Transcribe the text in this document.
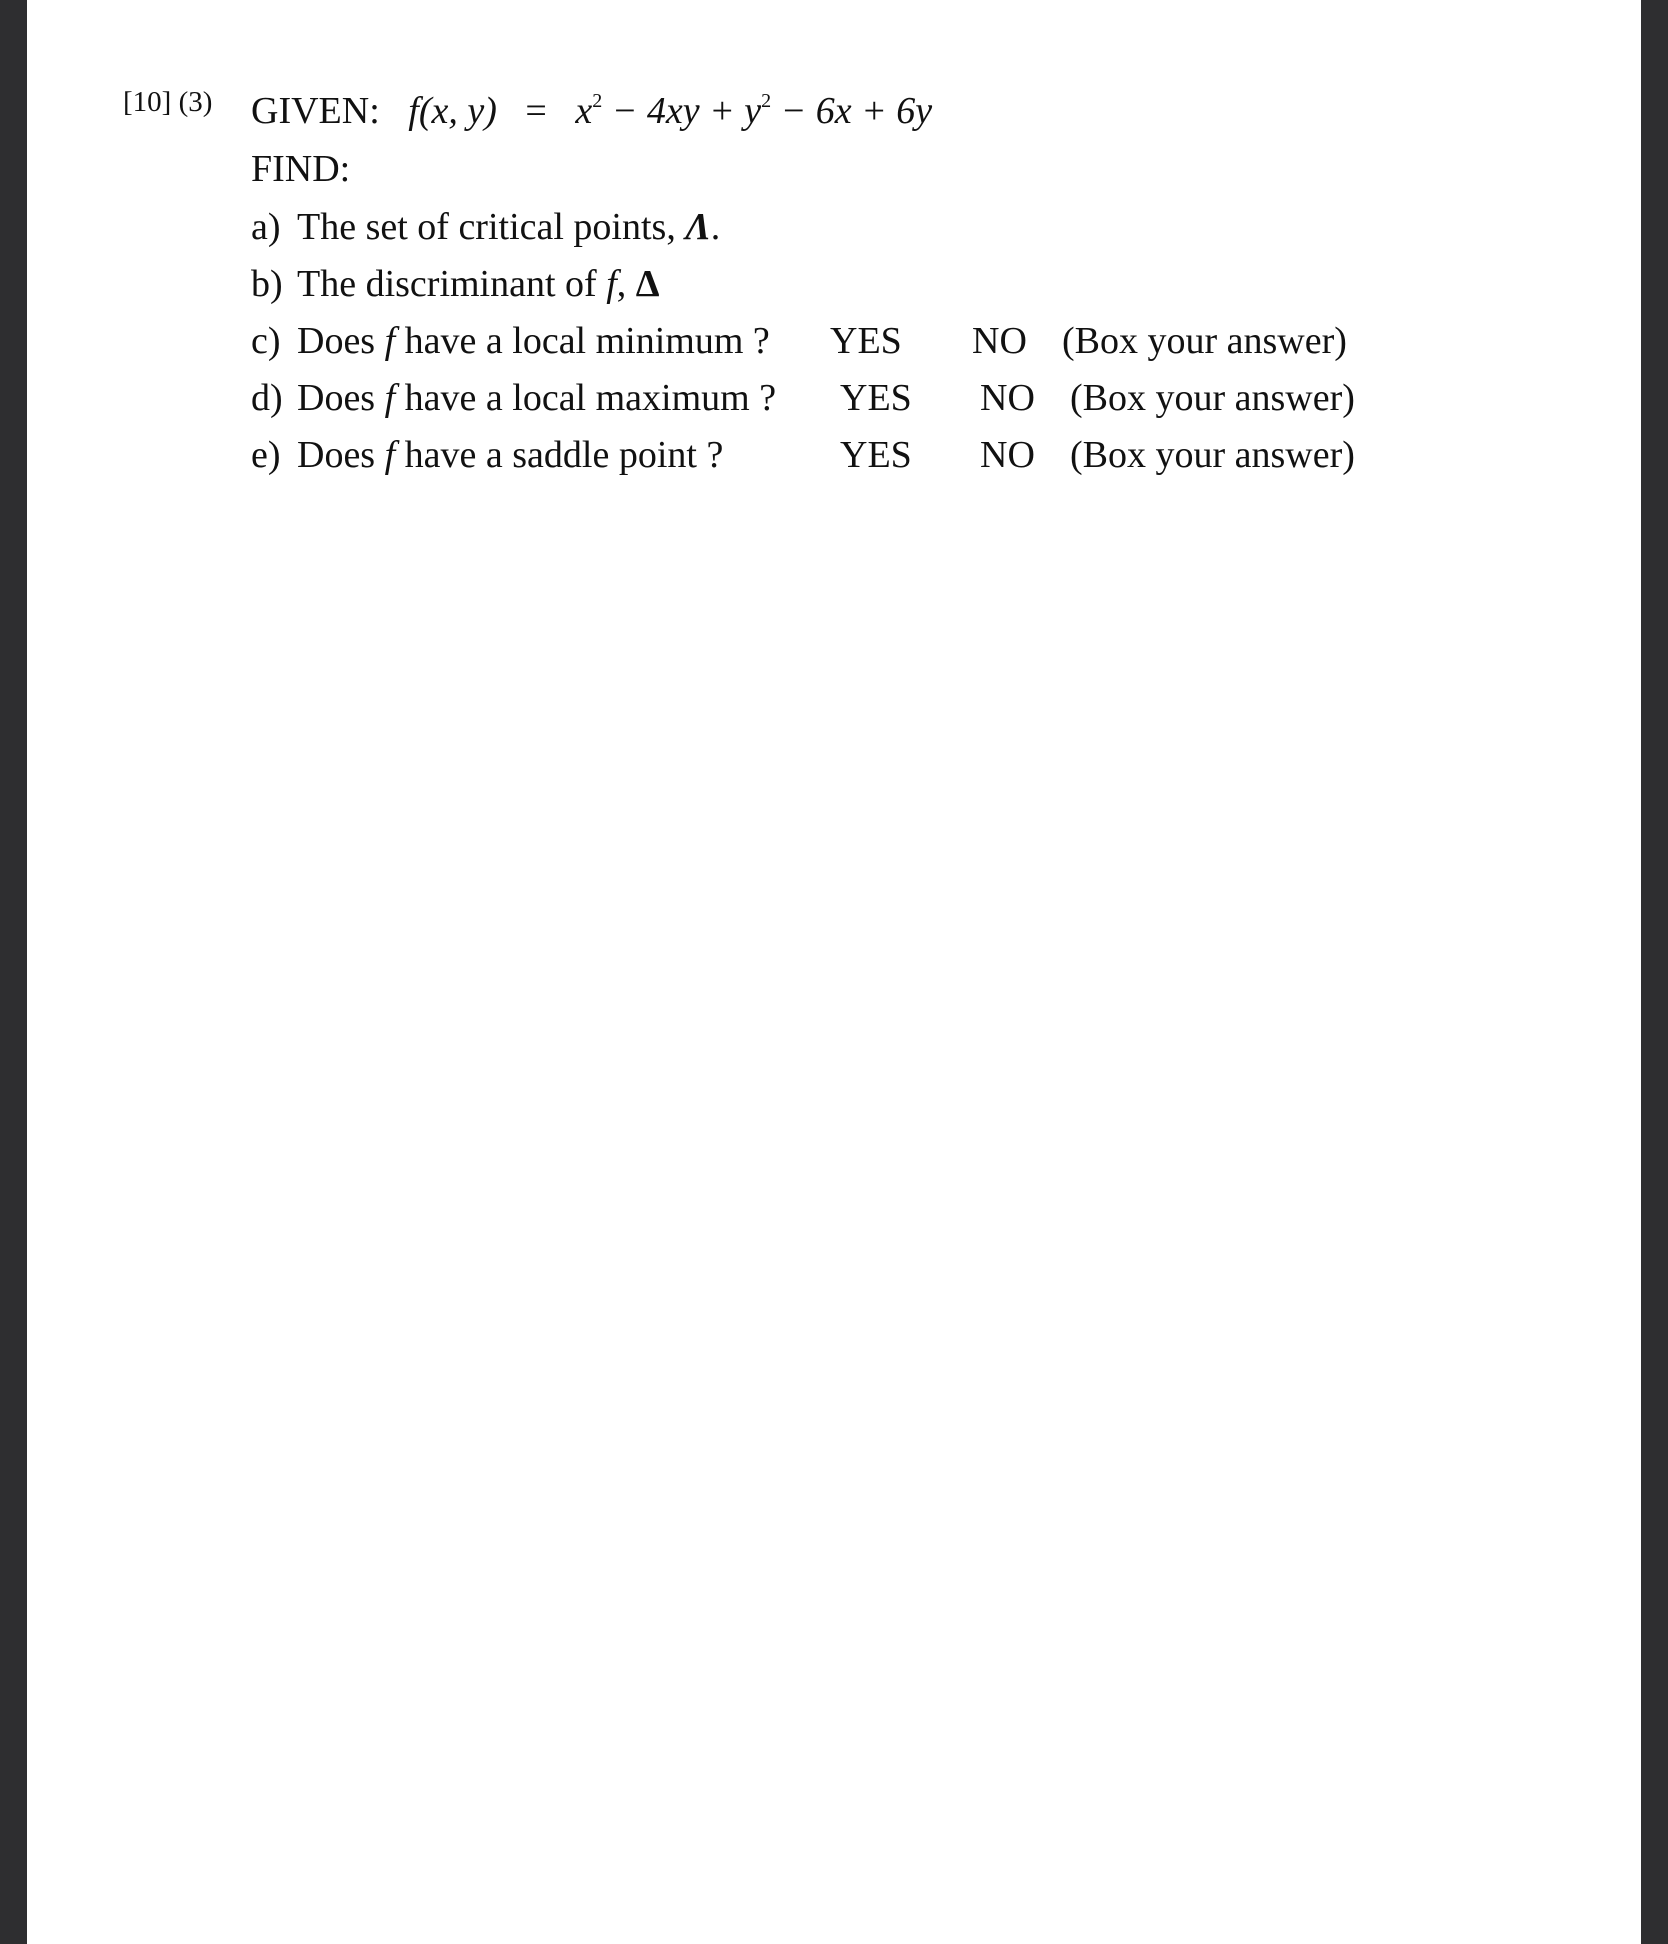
[10] (3) GIVEN: f(x, $y) = x^2 - 4xy + y^2 - 6x + 6y$
FIND:
a) The set of critical points, Λ.
b) The discriminant of f, Δ
c) Does f have a local minimum ? YES NO (Box your answer)
d) Does f have a local maximum ? YES NO (Box your answer)
e) Does f have a saddle point ?	YES NO (Box your answer)
